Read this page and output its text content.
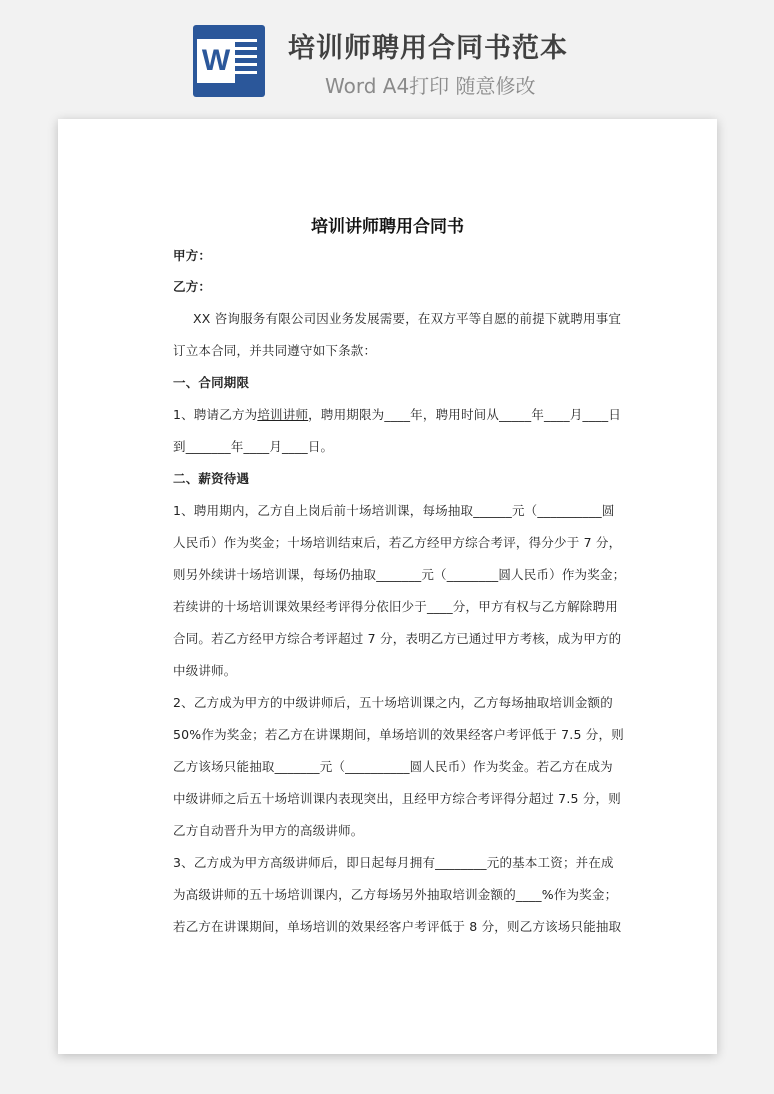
W 培训师聘用合同书范本
Word A4打印 随意修改
培训讲师聘用合同书
甲方：
乙方：
XX 咨询服务有限公司因业务发展需要，在双方平等自愿的前提下就聘用事宜
订立本合同，并共同遵守如下条款：
一、合同期限
1、聘请乙方为培训讲师，聘用期限为____年，聘用时间从_____年____月____日
到_______年____月____日。
二、薪资待遇
1、聘用期内，乙方自上岗后前十场培训课，每场抽取______元（__________圆
人民币）作为奖金；十场培训结束后，若乙方经甲方综合考评，得分少于 7 分，
则另外续讲十场培训课，每场仍抽取_______元（________圆人民币）作为奖金；
若续讲的十场培训课效果经考评得分依旧少于____分，甲方有权与乙方解除聘用
合同。若乙方经甲方综合考评超过 7 分，表明乙方已通过甲方考核，成为甲方的
中级讲师。
2、乙方成为甲方的中级讲师后，五十场培训课之内，乙方每场抽取培训金额的
50%作为奖金；若乙方在讲课期间，单场培训的效果经客户考评低于 7.5 分，则
乙方该场只能抽取_______元（__________圆人民币）作为奖金。若乙方在成为
中级讲师之后五十场培训课内表现突出，且经甲方综合考评得分超过 7.5 分，则
乙方自动晋升为甲方的高级讲师。
3、乙方成为甲方高级讲师后，即日起每月拥有________元的基本工资；并在成
为高级讲师的五十场培训课内，乙方每场另外抽取培训金额的____%作为奖金；
若乙方在讲课期间，单场培训的效果经客户考评低于 8 分，则乙方该场只能抽取
